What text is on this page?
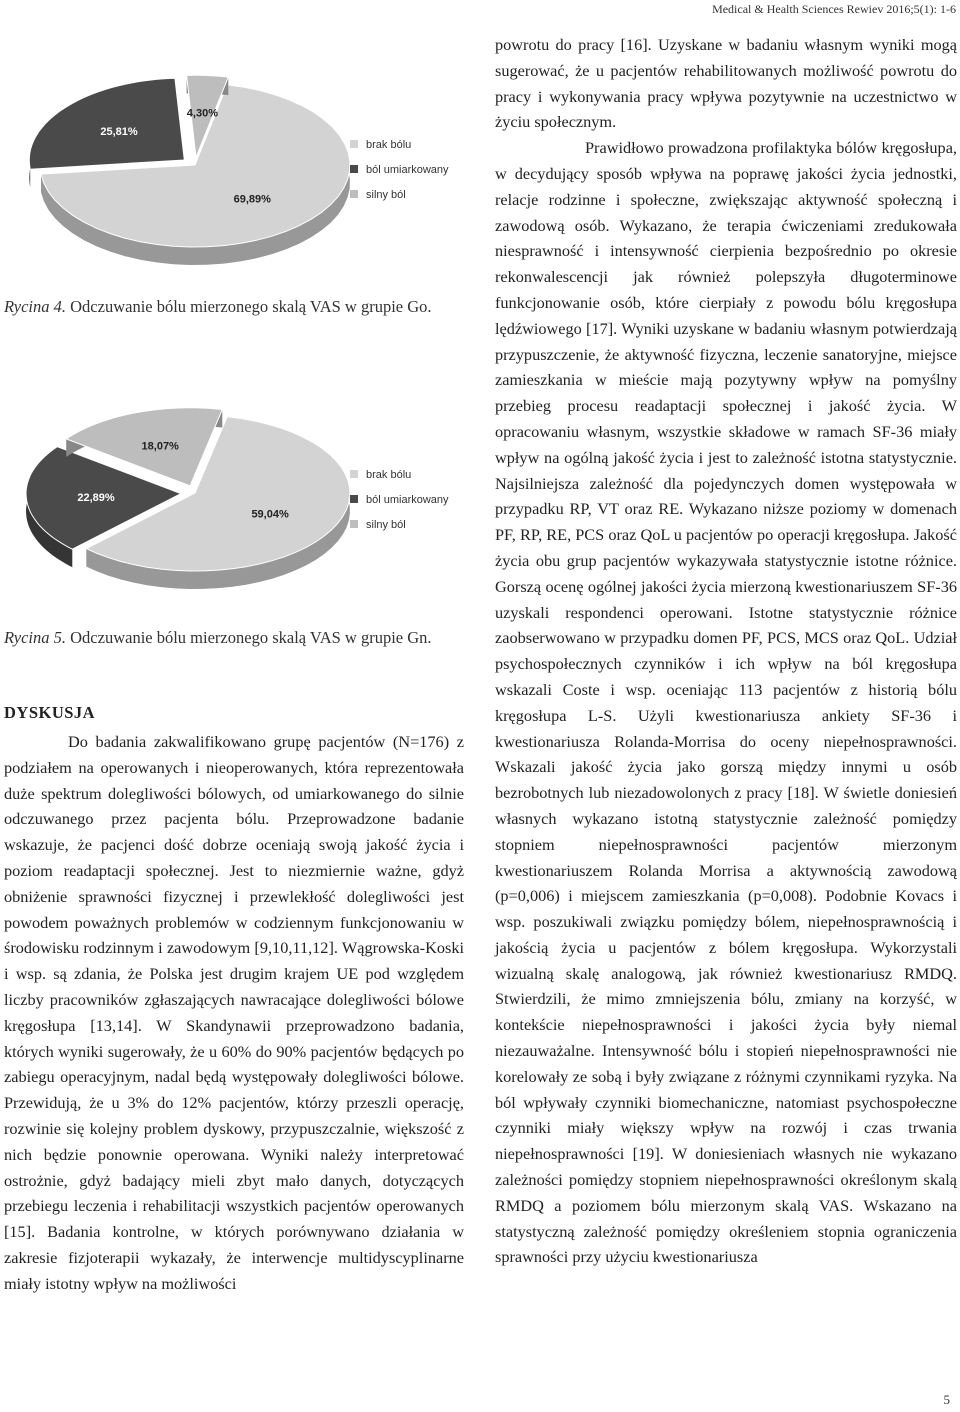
Medical & Health Sciences Rewiev 2016;5(1): 1-6
69,89%
25,81%
4,30%
brak bólu
ból umiarkowany
silny ból
Rycina 4. Odczuwanie bólu mierzonego skalą VAS w grupie Go.
59,04%
22,89%
18,07%
brak bólu
ból umiarkowany
silny ból
Rycina 5. Odczuwanie bólu mierzonego skalą VAS w grupie Gn.
DYSKUSJA

Do badania zakwalifikowano grupę pacjentów (N=176) z podziałem na operowanych i nieoperowanych, która reprezentowała duże spektrum dolegliwości bólowych, od umiarkowanego do silnie odczuwanego przez pacjenta bólu. Przeprowadzone badanie wskazuje, że pacjenci dość dobrze oceniają swoją jakość życia i poziom readaptacji społecznej. Jest to niezmiernie ważne, gdyż obniżenie sprawności fizycznej i przewlekłość dolegliwości jest powodem poważnych problemów w codziennym funkcjonowaniu w środowisku rodzinnym i zawodowym [9,10,11,12]. Wągrowska-Koski i wsp. są zdania, że Polska jest drugim krajem UE pod względem liczby pracowników zgłaszających nawracające dolegliwości bólowe kręgosłupa [13,14]. W Skandynawii przeprowadzono badania, których wyniki sugerowały, że u 60% do 90% pacjentów będących po zabiegu operacyjnym, nadal będą występowały dolegliwości bólowe. Przewidują, że u 3% do 12% pacjentów, którzy przeszli operację, rozwinie się kolejny problem dyskowy, przypuszczalnie, większość z nich będzie ponownie operowana. Wyniki należy interpretować ostrożnie, gdyż badający mieli zbyt mało danych, dotyczących przebiegu leczenia i rehabilitacji wszystkich pacjentów operowanych [15]. Badania kontrolne, w których porównywano działania w zakresie fizjoterapii wykazały, że interwencje multidyscyplinarne miały istotny wpływ na możliwości

powrotu do pracy [16]. Uzyskane w badaniu własnym wyniki mogą sugerować, że u pacjentów rehabilitowanych możliwość powrotu do pracy i wykonywania pracy wpływa pozytywnie na uczestnictwo w życiu społecznym.

Prawidłowo prowadzona profilaktyka bólów kręgosłupa, w decydujący sposób wpływa na poprawę jakości życia jednostki, relacje rodzinne i społeczne, zwiększając aktywność społeczną i zawodową osób. Wykazano, że terapia ćwiczeniami zredukowała niesprawność i intensywność cierpienia bezpośrednio po okresie rekonwalescencji jak również polepszyła długoterminowe funkcjonowanie osób, które cierpiały z powodu bólu kręgosłupa lędźwiowego [17]. Wyniki uzyskane w badaniu własnym potwierdzają przypuszczenie, że aktywność fizyczna, leczenie sanatoryjne, miejsce zamieszkania w mieście mają pozytywny wpływ na pomyślny przebieg procesu readaptacji społecznej i jakość życia. W opracowaniu własnym, wszystkie składowe w ramach SF-36 miały wpływ na ogólną jakość życia i jest to zależność istotna statystycznie. Najsilniejsza zależność dla pojedynczych domen występowała w przypadku RP, VT oraz RE. Wykazano niższe poziomy w domenach PF, RP, RE, PCS oraz QoL u pacjentów po operacji kręgosłupa. Jakość życia obu grup pacjentów wykazywała statystycznie istotne różnice. Gorszą ocenę ogólnej jakości życia mierzoną kwestionariuszem SF-36 uzyskali respondenci operowani. Istotne statystycznie różnice zaobserwowano w przypadku domen PF, PCS, MCS oraz QoL. Udział psychospołecznych czynników i ich wpływ na ból kręgosłupa wskazali Coste i wsp. oceniając 113 pacjentów z historią bólu kręgosłupa L-S. Użyli kwestionariusza ankiety SF-36 i kwestionariusza Rolanda-Morrisa do oceny niepełnosprawności. Wskazali jakość życia jako gorszą między innymi u osób bezrobotnych lub niezadowolonych z pracy [18]. W świetle doniesień własnych wykazano istotną statystycznie zależność pomiędzy stopniem niepełnosprawności pacjentów mierzonym kwestionariuszem Rolanda Morrisa a aktywnością zawodową (p=0,006) i miejscem zamieszkania (p=0,008). Podobnie Kovacs i wsp. poszukiwali związku pomiędzy bólem, niepełnosprawnością i jakością życia u pacjentów z bólem kręgosłupa. Wykorzystali wizualną skalę analogową, jak również kwestionariusz RMDQ. Stwierdzili, że mimo zmniejszenia bólu, zmiany na korzyść, w kontekście niepełnosprawności i jakości życia były niemal niezauważalne. Intensywność bólu i stopień niepełnosprawności nie korelowały ze sobą i były związane z różnymi czynnikami ryzyka. Na ból wpływały czynniki biomechaniczne, natomiast psychospołeczne czynniki miały większy wpływ na rozwój i czas trwania niepełnosprawności [19]. W doniesieniach własnych nie wykazano zależności pomiędzy stopniem niepełnosprawności określonym skalą RMDQ a poziomem bólu mierzonym skalą VAS. Wskazano na statystyczną zależność pomiędzy określeniem stopnia ograniczenia sprawności przy użyciu kwestionariusza

5
